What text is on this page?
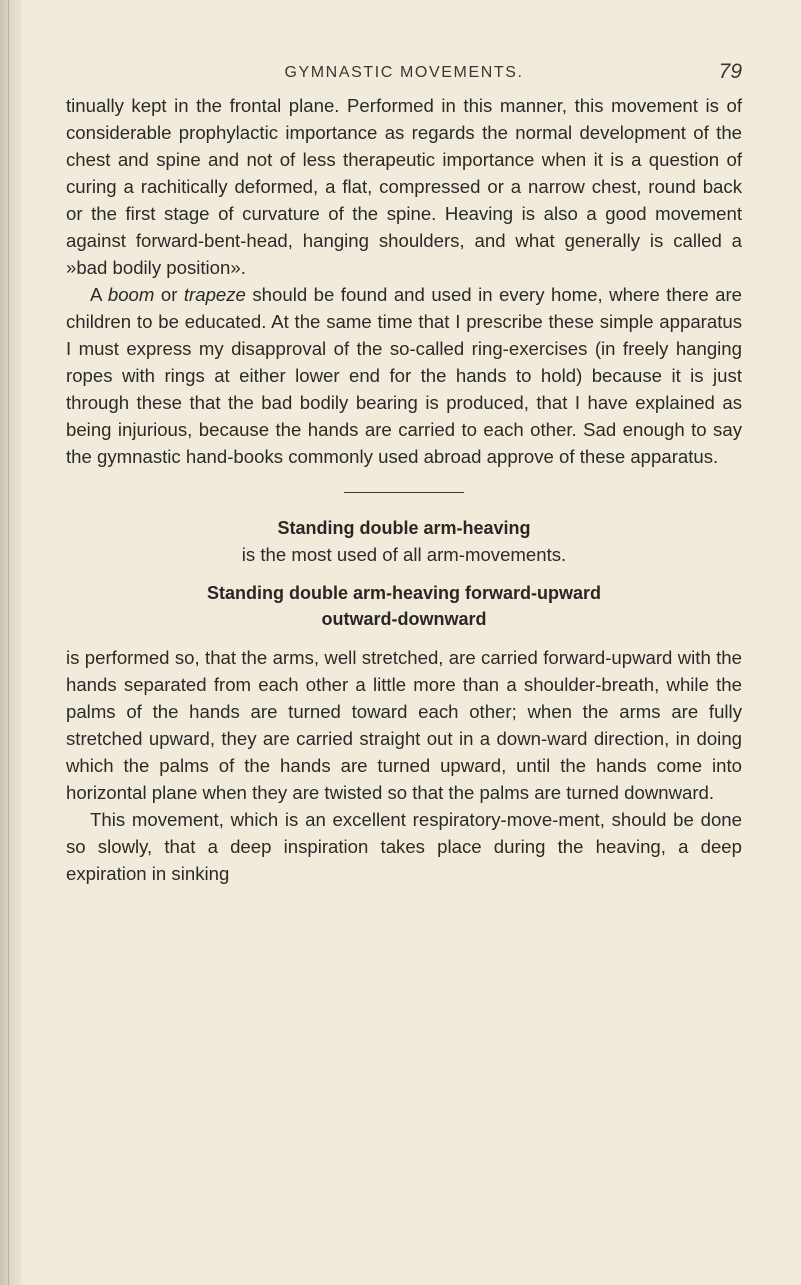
GYMNASTIC MOVEMENTS.	79

tinually kept in the frontal plane. Performed in this manner, this movement is of considerable prophylactic importance as regards the normal development of the chest and spine and not of less therapeutic importance when it is a question of curing a rachitically deformed, a flat, compressed or a narrow chest, round back or the first stage of curvature of the spine. Heaving is also a good movement against forward-bent-head, hanging shoulders, and what generally is called a »bad bodily position».

A boom or trapeze should be found and used in every home, where there are children to be educated. At the same time that I prescribe these simple apparatus I must express my disapproval of the so-called ring-exercises (in freely hanging ropes with rings at either lower end for the hands to hold) because it is just through these that the bad bodily bearing is produced, that I have explained as being injurious, because the hands are carried to each other. Sad enough to say the gymnastic hand-books commonly used abroad approve of these apparatus.

Standing double arm-heaving
is the most used of all arm-movements.
Standing double arm-heaving forward-upward
outward-downward

is performed so, that the arms, well stretched, are carried forward-upward with the hands separated from each other a little more than a shoulder-breath, while the palms of the hands are turned toward each other; when the arms are fully stretched upward, they are carried straight out in a down-ward direction, in doing which the palms of the hands are turned upward, until the hands come into horizontal plane when they are twisted so that the palms are turned downward.

This movement, which is an excellent respiratory-move-ment, should be done so slowly, that a deep inspiration takes place during the heaving, a deep expiration in sinking
